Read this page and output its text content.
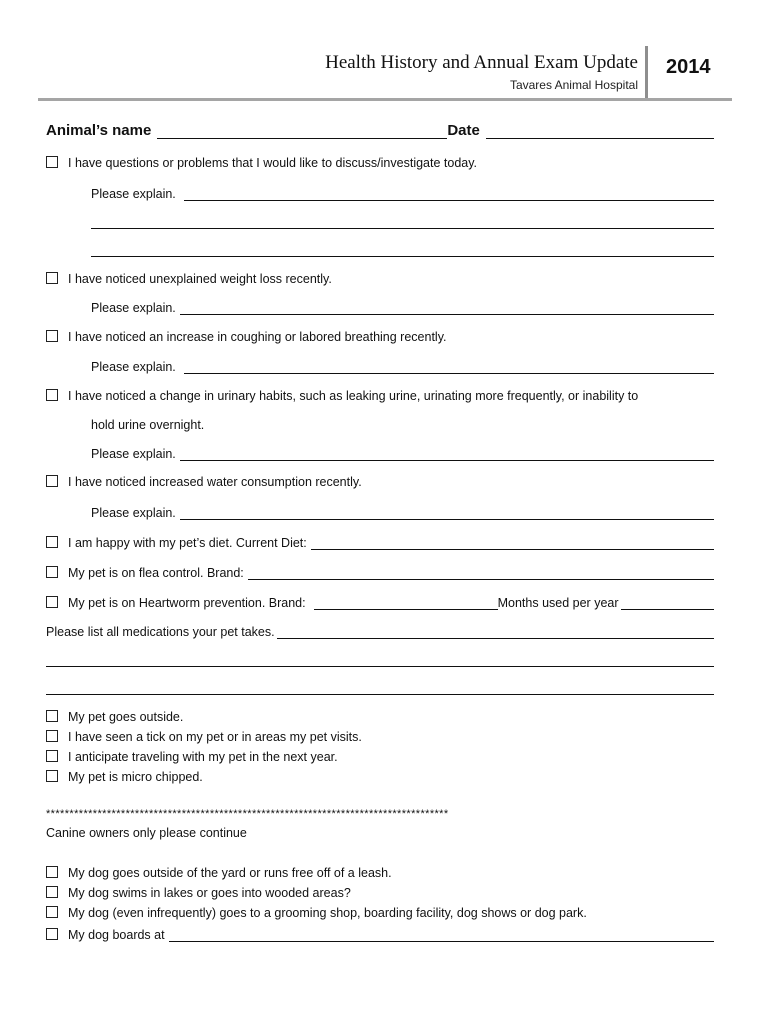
Health History and Annual Exam Update
Tavares Animal Hospital
2014
Animal’s name	Date
I have questions or problems that I would like to discuss/investigate today.
Please explain.
I have noticed unexplained weight loss recently.
Please explain.
I have noticed an increase in coughing or labored breathing recently.
Please explain.
I have noticed a change in urinary habits, such as leaking urine, urinating more frequently, or inability to
hold urine overnight.
Please explain.
I have noticed increased water consumption recently.
Please explain.
I am happy with my pet’s diet. Current Diet:
My pet is on flea control. Brand:
My pet is on Heartworm prevention. Brand:	Months used per year
Please list all medications your pet takes.
My pet goes outside.
I have seen a tick on my pet or in areas my pet visits.
I anticipate traveling with my pet in the next year.
My pet is micro chipped.
**************************************************************************************
Canine owners only please continue
My dog goes outside of the yard or runs free off of a leash.
My dog swims in lakes or goes into wooded areas?
My dog (even infrequently) goes to a grooming shop, boarding facility, dog shows or dog park.
My dog boards at
